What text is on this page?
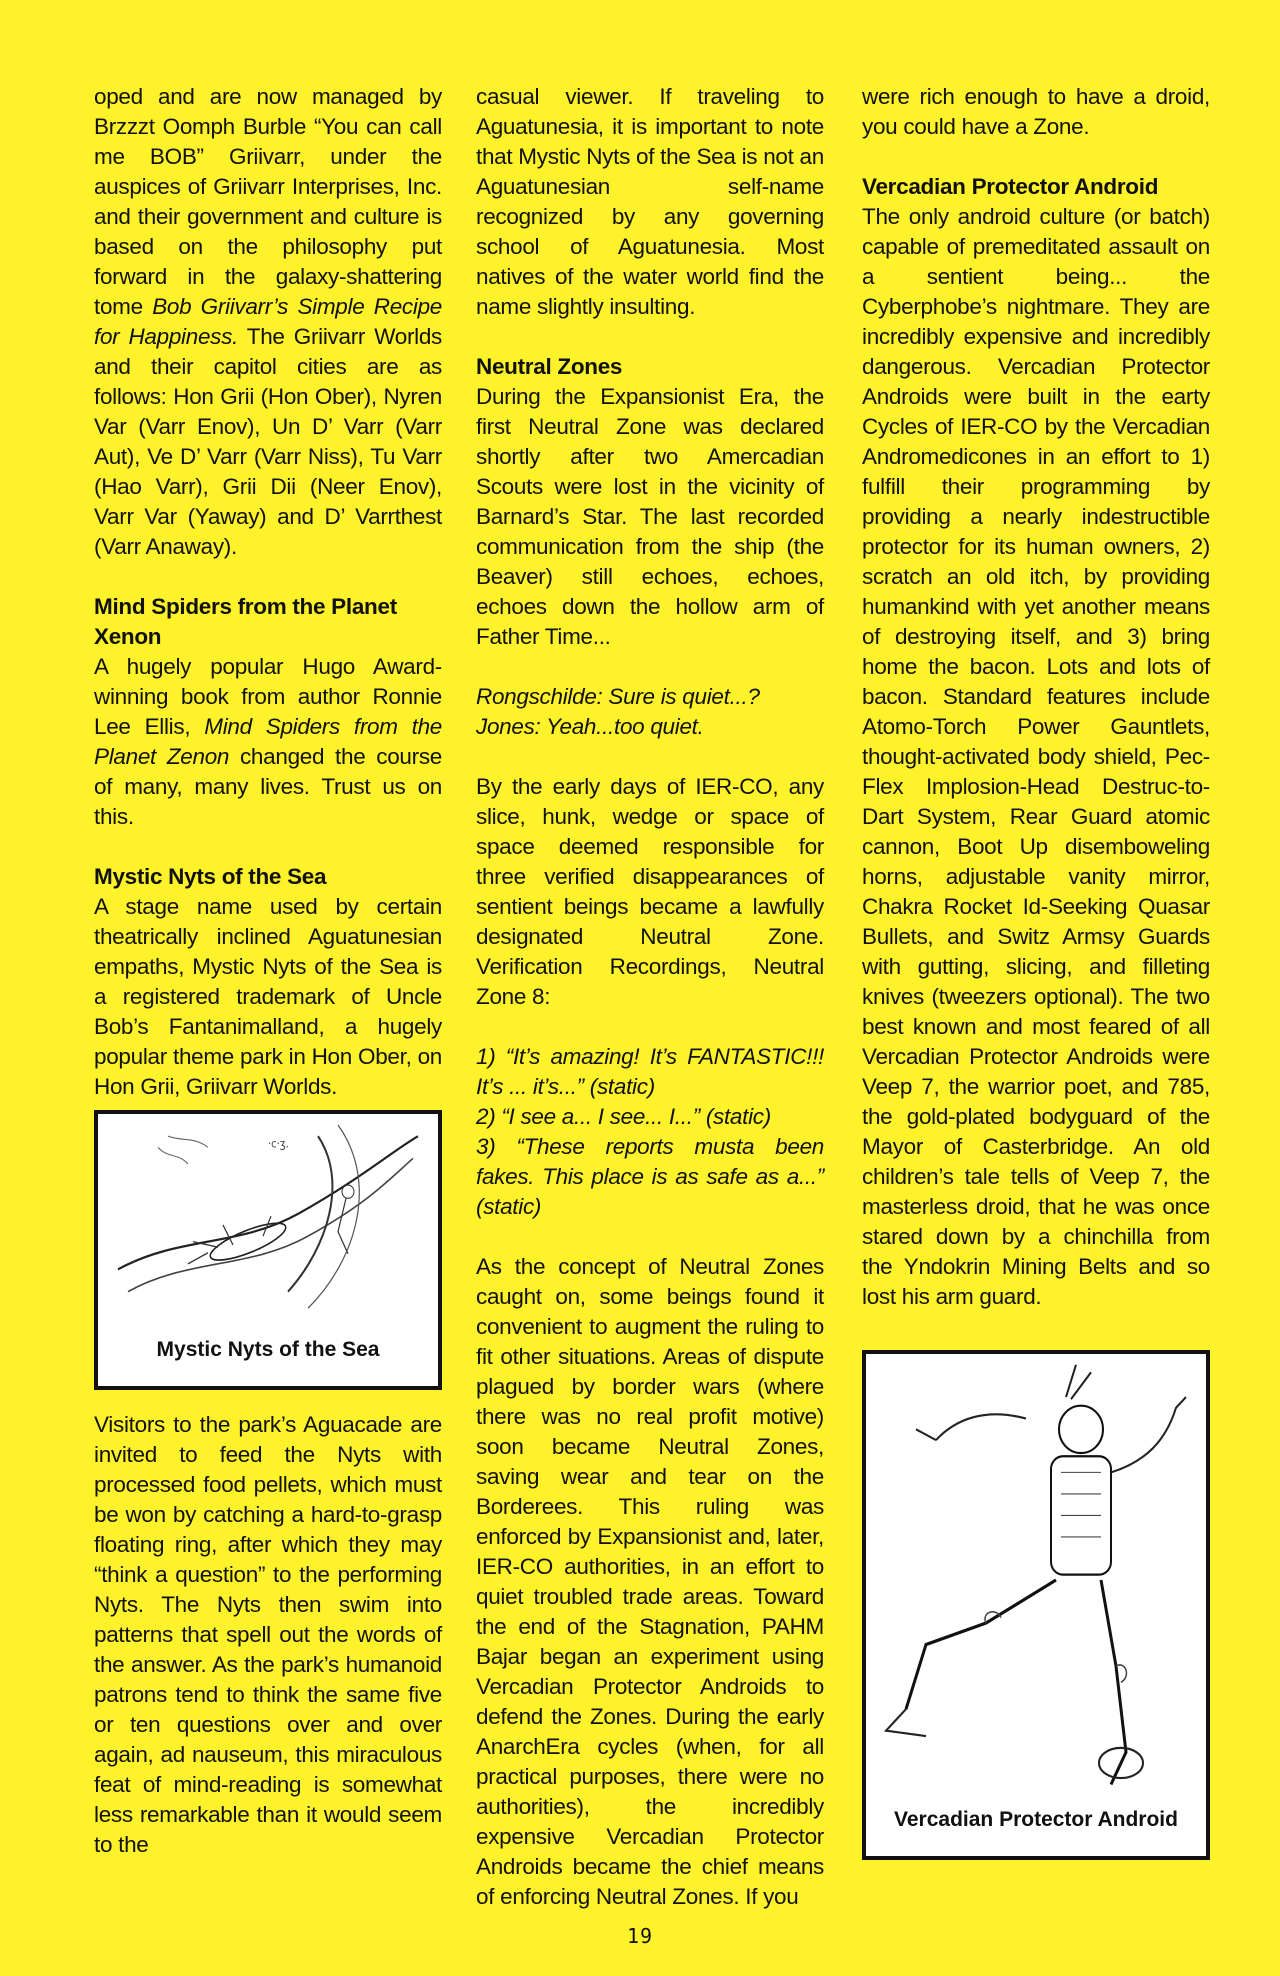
oped and are now managed by Brzzzt Oomph Burble “You can call me BOB” Griivarr, under the auspices of Griivarr Interprises, Inc. and their government and culture is based on the philosophy put forward in the galaxy-shattering tome Bob Griivarr’s Simple Recipe for Happiness. The Griivarr Worlds and their capitol cities are as follows: Hon Grii (Hon Ober), Nyren Var (Varr Enov), Un D’ Varr (Varr Aut), Ve D’ Varr (Varr Niss), Tu Varr (Hao Varr), Grii Dii (Neer Enov), Varr Var (Yaway) and D’ Varrthest (Varr Anaway).

Mind Spiders from the Planet Xenon

A hugely popular Hugo Award-winning book from author Ronnie Lee Ellis, Mind Spiders from the Planet Zenon changed the course of many, many lives. Trust us on this.

Mystic Nyts of the Sea

A stage name used by certain theatrically inclined Aguatunesian empaths, Mystic Nyts of the Sea is a registered trademark of Uncle Bob’s Fantanimalland, a hugely popular theme park in Hon Ober, on Hon Grii, Griivarr Worlds.

·c·ʒ.
Mystic Nyts of the Sea

Visitors to the park’s Aguacade are invited to feed the Nyts with processed food pellets, which must be won by catching a hard-to-grasp floating ring, after which they may “think a question” to the performing Nyts. The Nyts then swim into patterns that spell out the words of the answer. As the park’s humanoid patrons tend to think the same five or ten questions over and over again, ad nauseum, this miraculous feat of mind-reading is somewhat less remarkable than it would seem to the

casual viewer. If traveling to Aguatunesia, it is important to note that Mystic Nyts of the Sea is not an Aguatunesian self-name recognized by any governing school of Aguatunesia. Most natives of the water world find the name slightly insulting.

Neutral Zones

During the Expansionist Era, the first Neutral Zone was declared shortly after two Amercadian Scouts were lost in the vicinity of Barnard’s Star. The last recorded communication from the ship (the Beaver) still echoes, echoes, echoes down the hollow arm of Father Time...

Rongschilde: Sure is quiet...?
Jones: Yeah...too quiet.

By the early days of IER-CO, any slice, hunk, wedge or space of space deemed responsible for three verified disappearances of sentient beings became a lawfully designated Neutral Zone. Verification Recordings, Neutral Zone 8:

1) “It’s amazing! It’s FANTASTIC!!! It’s ... it’s...” (static)
2) “I see a... I see... I...” (static)
3) “These reports musta been fakes. This place is as safe as a...” (static)

As the concept of Neutral Zones caught on, some beings found it convenient to augment the ruling to fit other situations. Areas of dispute plagued by border wars (where there was no real profit motive) soon became Neutral Zones, saving wear and tear on the Borderees. This ruling was enforced by Expansionist and, later, IER-CO authorities, in an effort to quiet troubled trade areas. Toward the end of the Stagnation, PAHM Bajar began an experiment using Vercadian Protector Androids to defend the Zones. During the early AnarchEra cycles (when, for all practical purposes, there were no authorities), the incredibly expensive Vercadian Protector Androids became the chief means of enforcing Neutral Zones. If you

were rich enough to have a droid, you could have a Zone.

Vercadian Protector Android

The only android culture (or batch) capable of premeditated assault on a sentient being... the Cyberphobe’s nightmare. They are incredibly expensive and incredibly dangerous. Vercadian Protector Androids were built in the earty Cycles of IER-CO by the Vercadian Andromedicones in an effort to 1) fulfill their programming by providing a nearly indestructible protector for its human owners, 2) scratch an old itch, by providing humankind with yet another means of destroying itself, and 3) bring home the bacon. Lots and lots of bacon. Standard features include Atomo-Torch Power Gauntlets, thought-activated body shield, Pec-Flex Implosion-Head Destruc-to-Dart System, Rear Guard atomic cannon, Boot Up disemboweling horns, adjustable vanity mirror, Chakra Rocket Id-Seeking Quasar Bullets, and Switz Armsy Guards with gutting, slicing, and filleting knives (tweezers optional). The two best known and most feared of all Vercadian Protector Androids were Veep 7, the warrior poet, and 785, the gold-plated bodyguard of the Mayor of Casterbridge. An old children’s tale tells of Veep 7, the masterless droid, that he was once stared down by a chinchilla from the Yndokrin Mining Belts and so lost his arm guard.

Vercadian Protector Android
19
